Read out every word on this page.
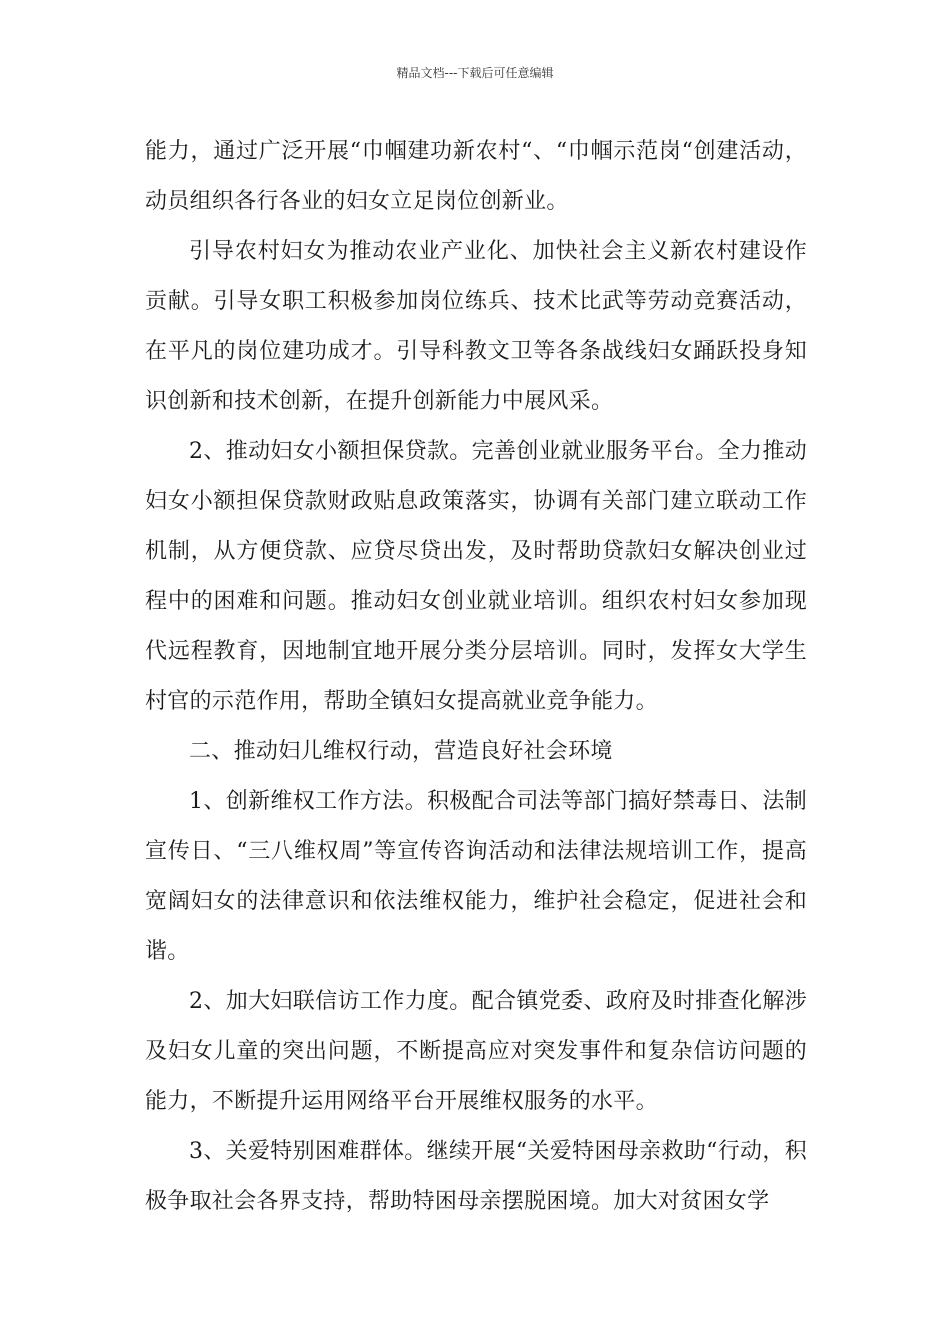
精品文档---下载后可任意编辑

能力，通过广泛开展“巾帼建功新农村“、“巾帼示范岗“创建活动，动员组织各行各业的妇女立足岗位创新业。

引导农村妇女为推动农业产业化、加快社会主义新农村建设作贡献。引导女职工积极参加岗位练兵、技术比武等劳动竞赛活动，在平凡的岗位建功成才。引导科教文卫等各条战线妇女踊跃投身知识创新和技术创新，在提升创新能力中展风采。

2、推动妇女小额担保贷款。完善创业就业服务平台。全力推动妇女小额担保贷款财政贴息政策落实，协调有关部门建立联动工作机制，从方便贷款、应贷尽贷出发，及时帮助贷款妇女解决创业过程中的困难和问题。推动妇女创业就业培训。组织农村妇女参加现代远程教育，因地制宜地开展分类分层培训。同时，发挥女大学生村官的示范作用，帮助全镇妇女提高就业竞争能力。

二、推动妇儿维权行动，营造良好社会环境

1、创新维权工作方法。积极配合司法等部门搞好禁毒日、法制宣传日、“三八维权周”等宣传咨询活动和法律法规培训工作，提高宽阔妇女的法律意识和依法维权能力，维护社会稳定，促进社会和谐。

2、加大妇联信访工作力度。配合镇党委、政府及时排查化解涉及妇女儿童的突出问题，不断提高应对突发事件和复杂信访问题的能力，不断提升运用网络平台开展维权服务的水平。

3、关爱特别困难群体。继续开展“关爱特困母亲救助“行动，积极争取社会各界支持，帮助特困母亲摆脱困境。加大对贫困女学
